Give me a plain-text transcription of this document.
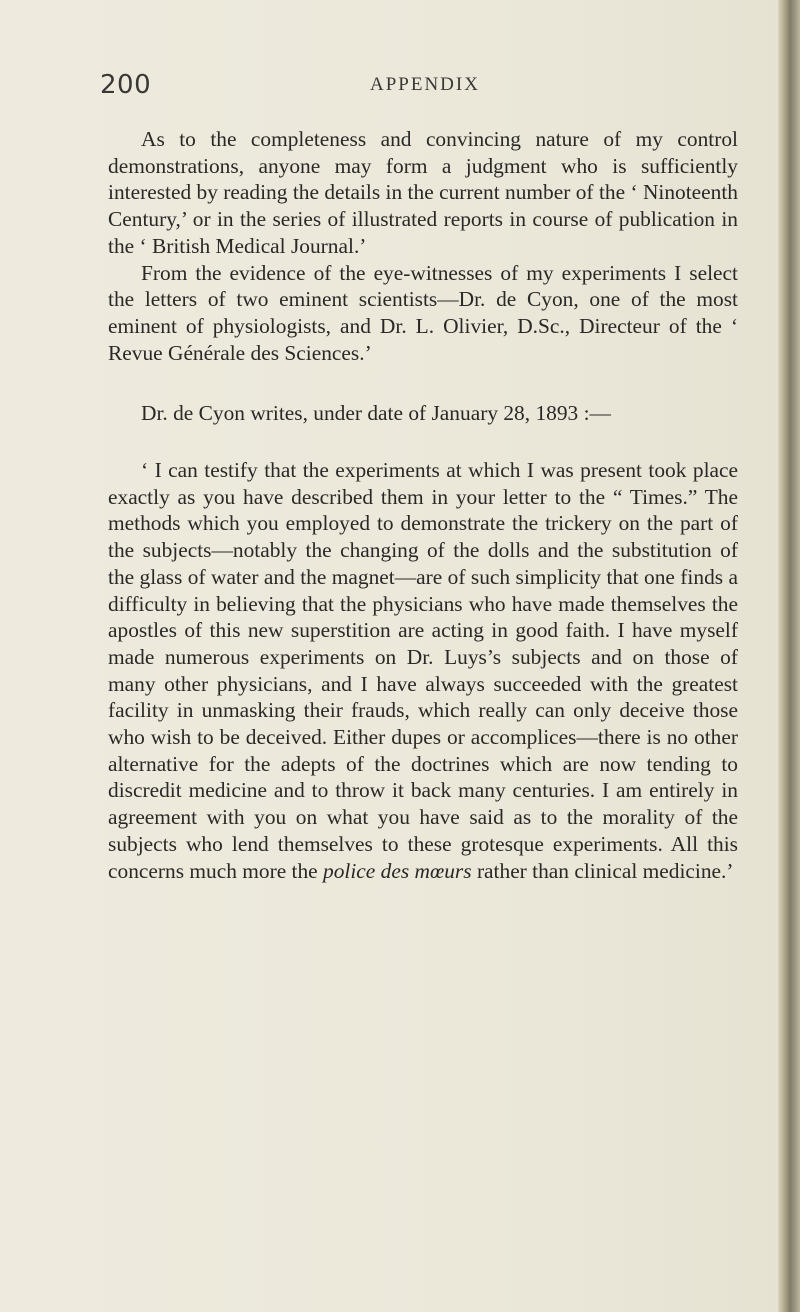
200	APPENDIX

As to the completeness and convincing nature of my control demonstrations, anyone may form a judgment who is sufficiently interested by reading the details in the current number of the ‘ Ninoteenth Century,’ or in the series of illustrated reports in course of publication in the ‘ British Medical Journal.’

From the evidence of the eye-witnesses of my experiments I select the letters of two eminent scientists—Dr. de Cyon, one of the most eminent of physiologists, and Dr. L. Olivier, D.Sc., Directeur of the ‘ Revue Générale des Sciences.’

Dr. de Cyon writes, under date of January 28, 1893 :—

‘ I can testify that the experiments at which I was present took place exactly as you have described them in your letter to the “ Times.” The methods which you employed to demonstrate the trickery on the part of the subjects—notably the changing of the dolls and the substitution of the glass of water and the magnet—are of such simplicity that one finds a difficulty in believing that the physicians who have made themselves the apostles of this new superstition are acting in good faith. I have myself made numerous experiments on Dr. Luys’s subjects and on those of many other physicians, and I have always succeeded with the greatest facility in unmasking their frauds, which really can only deceive those who wish to be deceived. Either dupes or accomplices—there is no other alternative for the adepts of the doctrines which are now tending to discredit medicine and to throw it back many centuries. I am entirely in agreement with you on what you have said as to the morality of the subjects who lend themselves to these grotesque experiments. All this concerns much more the police des mœurs rather than clinical medicine.’
